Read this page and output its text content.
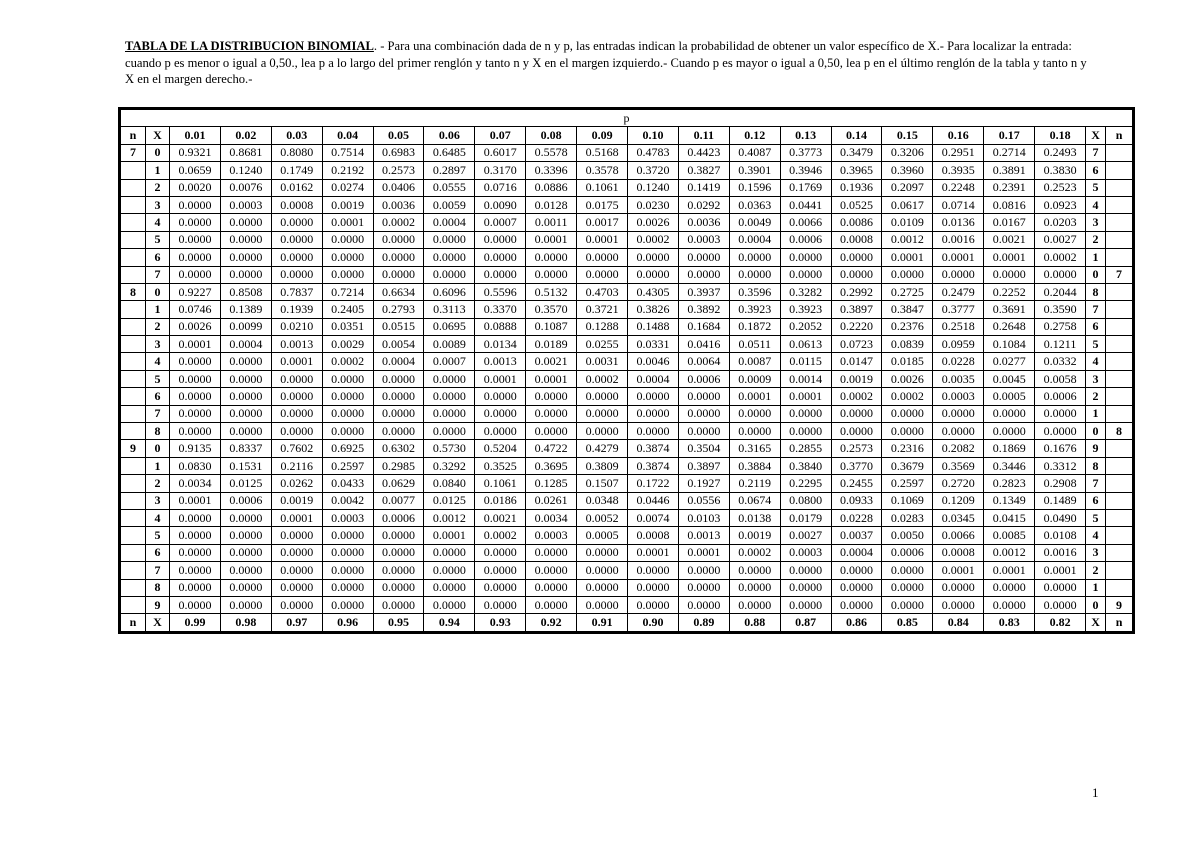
TABLA DE LA DISTRIBUCION BINOMIAL. - Para una combinación dada de n y p, las entradas indican la probabilidad de obtener un valor específico de X.- Para localizar la entrada: cuando p es menor o igual a 0,50., lea p a lo largo del primer renglón y tanto n y X en el margen izquierdo.- Cuando p es mayor o igual a 0,50, lea p en el último renglón de la tabla y tanto n y X en el margen derecho.-
p																					
n	X	0.01	0.02	0.03	0.04	0.05	0.06	0.07	0.08	0.09	0.10	0.11	0.12	0.13	0.14	0.15	0.16	0.17	0.18	X	n
7	0	0.9321	0.8681	0.8080	0.7514	0.6983	0.6485	0.6017	0.5578	0.5168	0.4783	0.4423	0.4087	0.3773	0.3479	0.3206	0.2951	0.2714	0.2493	7	
	1	0.0659	0.1240	0.1749	0.2192	0.2573	0.2897	0.3170	0.3396	0.3578	0.3720	0.3827	0.3901	0.3946	0.3965	0.3960	0.3935	0.3891	0.3830	6	
	2	0.0020	0.0076	0.0162	0.0274	0.0406	0.0555	0.0716	0.0886	0.1061	0.1240	0.1419	0.1596	0.1769	0.1936	0.2097	0.2248	0.2391	0.2523	5	
	3	0.0000	0.0003	0.0008	0.0019	0.0036	0.0059	0.0090	0.0128	0.0175	0.0230	0.0292	0.0363	0.0441	0.0525	0.0617	0.0714	0.0816	0.0923	4	
	4	0.0000	0.0000	0.0000	0.0001	0.0002	0.0004	0.0007	0.0011	0.0017	0.0026	0.0036	0.0049	0.0066	0.0086	0.0109	0.0136	0.0167	0.0203	3	
	5	0.0000	0.0000	0.0000	0.0000	0.0000	0.0000	0.0000	0.0001	0.0001	0.0002	0.0003	0.0004	0.0006	0.0008	0.0012	0.0016	0.0021	0.0027	2	
	6	0.0000	0.0000	0.0000	0.0000	0.0000	0.0000	0.0000	0.0000	0.0000	0.0000	0.0000	0.0000	0.0000	0.0000	0.0001	0.0001	0.0001	0.0002	1	
	7	0.0000	0.0000	0.0000	0.0000	0.0000	0.0000	0.0000	0.0000	0.0000	0.0000	0.0000	0.0000	0.0000	0.0000	0.0000	0.0000	0.0000	0.0000	0	7
8	0	0.9227	0.8508	0.7837	0.7214	0.6634	0.6096	0.5596	0.5132	0.4703	0.4305	0.3937	0.3596	0.3282	0.2992	0.2725	0.2479	0.2252	0.2044	8	
	1	0.0746	0.1389	0.1939	0.2405	0.2793	0.3113	0.3370	0.3570	0.3721	0.3826	0.3892	0.3923	0.3923	0.3897	0.3847	0.3777	0.3691	0.3590	7	
	2	0.0026	0.0099	0.0210	0.0351	0.0515	0.0695	0.0888	0.1087	0.1288	0.1488	0.1684	0.1872	0.2052	0.2220	0.2376	0.2518	0.2648	0.2758	6	
	3	0.0001	0.0004	0.0013	0.0029	0.0054	0.0089	0.0134	0.0189	0.0255	0.0331	0.0416	0.0511	0.0613	0.0723	0.0839	0.0959	0.1084	0.1211	5	
	4	0.0000	0.0000	0.0001	0.0002	0.0004	0.0007	0.0013	0.0021	0.0031	0.0046	0.0064	0.0087	0.0115	0.0147	0.0185	0.0228	0.0277	0.0332	4	
	5	0.0000	0.0000	0.0000	0.0000	0.0000	0.0000	0.0001	0.0001	0.0002	0.0004	0.0006	0.0009	0.0014	0.0019	0.0026	0.0035	0.0045	0.0058	3	
	6	0.0000	0.0000	0.0000	0.0000	0.0000	0.0000	0.0000	0.0000	0.0000	0.0000	0.0000	0.0001	0.0001	0.0002	0.0002	0.0003	0.0005	0.0006	2	
	7	0.0000	0.0000	0.0000	0.0000	0.0000	0.0000	0.0000	0.0000	0.0000	0.0000	0.0000	0.0000	0.0000	0.0000	0.0000	0.0000	0.0000	0.0000	1	
	8	0.0000	0.0000	0.0000	0.0000	0.0000	0.0000	0.0000	0.0000	0.0000	0.0000	0.0000	0.0000	0.0000	0.0000	0.0000	0.0000	0.0000	0.0000	0	8
9	0	0.9135	0.8337	0.7602	0.6925	0.6302	0.5730	0.5204	0.4722	0.4279	0.3874	0.3504	0.3165	0.2855	0.2573	0.2316	0.2082	0.1869	0.1676	9	
	1	0.0830	0.1531	0.2116	0.2597	0.2985	0.3292	0.3525	0.3695	0.3809	0.3874	0.3897	0.3884	0.3840	0.3770	0.3679	0.3569	0.3446	0.3312	8	
	2	0.0034	0.0125	0.0262	0.0433	0.0629	0.0840	0.1061	0.1285	0.1507	0.1722	0.1927	0.2119	0.2295	0.2455	0.2597	0.2720	0.2823	0.2908	7	
	3	0.0001	0.0006	0.0019	0.0042	0.0077	0.0125	0.0186	0.0261	0.0348	0.0446	0.0556	0.0674	0.0800	0.0933	0.1069	0.1209	0.1349	0.1489	6	
	4	0.0000	0.0000	0.0001	0.0003	0.0006	0.0012	0.0021	0.0034	0.0052	0.0074	0.0103	0.0138	0.0179	0.0228	0.0283	0.0345	0.0415	0.0490	5	
	5	0.0000	0.0000	0.0000	0.0000	0.0000	0.0001	0.0002	0.0003	0.0005	0.0008	0.0013	0.0019	0.0027	0.0037	0.0050	0.0066	0.0085	0.0108	4	
	6	0.0000	0.0000	0.0000	0.0000	0.0000	0.0000	0.0000	0.0000	0.0000	0.0001	0.0001	0.0002	0.0003	0.0004	0.0006	0.0008	0.0012	0.0016	3	
	7	0.0000	0.0000	0.0000	0.0000	0.0000	0.0000	0.0000	0.0000	0.0000	0.0000	0.0000	0.0000	0.0000	0.0000	0.0000	0.0001	0.0001	0.0001	2	
	8	0.0000	0.0000	0.0000	0.0000	0.0000	0.0000	0.0000	0.0000	0.0000	0.0000	0.0000	0.0000	0.0000	0.0000	0.0000	0.0000	0.0000	0.0000	1	
	9	0.0000	0.0000	0.0000	0.0000	0.0000	0.0000	0.0000	0.0000	0.0000	0.0000	0.0000	0.0000	0.0000	0.0000	0.0000	0.0000	0.0000	0.0000	0	9
n	X	0.99	0.98	0.97	0.96	0.95	0.94	0.93	0.92	0.91	0.90	0.89	0.88	0.87	0.86	0.85	0.84	0.83	0.82	X	n
1
